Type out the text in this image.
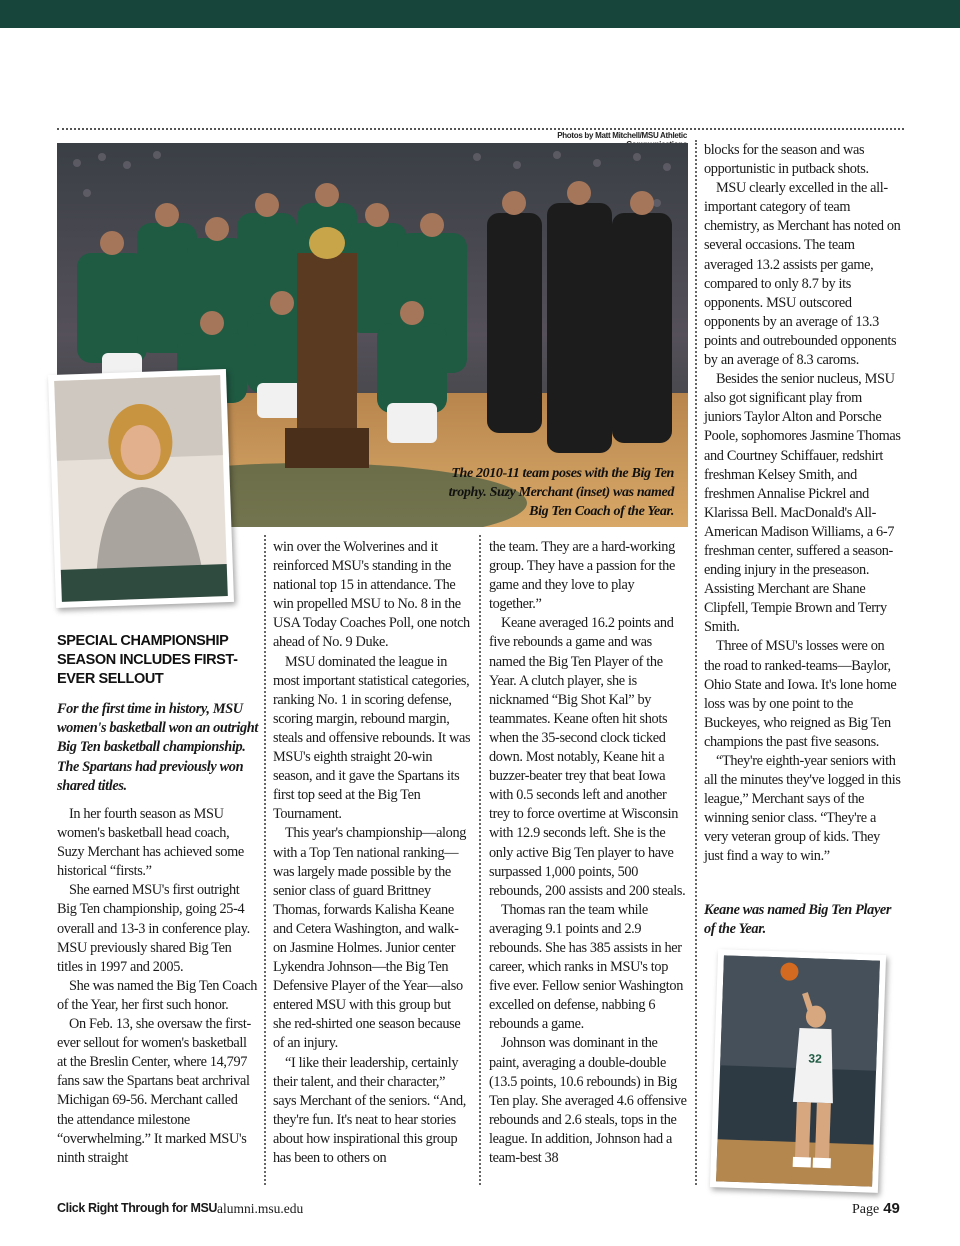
Photos by Matt Mitchell/MSU Athletic
The 2010-11 team poses with the Big Ten trophy. Suzy Merchant (inset) was named Big Ten Coach of the Year.
SPECIAL CHAMPIONSHIP SEASON INCLUDES FIRST-EVER SELLOUT
For the first time in history, MSU women's basketball won an outright Big Ten basketball championship. The Spartans had previously won shared titles.

In her fourth season as MSU women's basketball head coach, Suzy Merchant has achieved some historical “firsts.”

She earned MSU's first outright Big Ten championship, going 25-4 overall and 13-3 in conference play. MSU previously shared Big Ten titles in 1997 and 2005.

She was named the Big Ten Coach of the Year, her first such honor.

On Feb. 13, she oversaw the first-ever sellout for women's basketball at the Breslin Center, where 14,797 fans saw the Spartans beat archrival Michigan 69-56. Merchant called the attendance milestone “overwhelming.” It marked MSU's ninth straight

win over the Wolverines and it reinforced MSU's standing in the national top 15 in attendance. The win propelled MSU to No. 8 in the USA Today Coaches Poll, one notch ahead of No. 9 Duke.

MSU dominated the league in most important statistical categories, ranking No. 1 in scoring defense, scoring margin, rebound margin, steals and offensive rebounds. It was MSU's eighth straight 20-win season, and it gave the Spartans its first top seed at the Big Ten Tournament.

This year's championship—along with a Top Ten national ranking—was largely made possible by the senior class of guard Brittney Thomas, forwards Kalisha Keane and Cetera Washington, and walk-on Jasmine Holmes. Junior center Lykendra Johnson—the Big Ten Defensive Player of the Year—also entered MSU with this group but she red-shirted one season because of an injury.

“I like their leadership, certainly their talent, and their character,” says Merchant of the seniors. “And, they're fun. It's neat to hear stories about how inspirational this group has been to others on

the team. They are a hard-working group. They have a passion for the game and they love to play together.”

Keane averaged 16.2 points and five rebounds a game and was named the Big Ten Player of the Year. A clutch player, she is nicknamed “Big Shot Kal” by teammates. Keane often hit shots when the 35-second clock ticked down. Most notably, Keane hit a buzzer-beater trey that beat Iowa with 0.5 seconds left and another trey to force overtime at Wisconsin with 12.9 seconds left. She is the only active Big Ten player to have surpassed 1,000 points, 500 rebounds, 200 assists and 200 steals.

Thomas ran the team while averaging 9.1 points and 2.9 rebounds. She has 385 assists in her career, which ranks in MSU's top five ever. Fellow senior Washington excelled on defense, nabbing 6 rebounds a game.

Johnson was dominant in the paint, averaging a double-double (13.5 points, 10.6 rebounds) in Big Ten play. She averaged 4.6 offensive rebounds and 2.6 steals, tops in the league. In addition, Johnson had a team-best 38

blocks for the season and was opportunistic in putback shots.

MSU clearly excelled in the all-important category of team chemistry, as Merchant has noted on several occasions. The team averaged 13.2 assists per game, compared to only 8.7 by its opponents. MSU outscored opponents by an average of 13.3 points and outrebounded opponents by an average of 8.3 caroms.

Besides the senior nucleus, MSU also got significant play from juniors Taylor Alton and Porsche Poole, sophomores Jasmine Thomas and Courtney Schiffauer, redshirt freshman Kelsey Smith, and freshmen Annalise Pickrel and Klarissa Bell. MacDonald's All-American Madison Williams, a 6-7 freshman center, suffered a season-ending injury in the preseason. Assisting Merchant are Shane Clipfell, Tempie Brown and Terry Smith.

Three of MSU's losses were on the road to ranked-teams—Baylor, Ohio State and Iowa. It's lone home loss was by one point to the Buckeyes, who reigned as Big Ten champions the past five seasons.

“They're eighth-year seniors with all the minutes they've logged in this league,” Merchant says of the winning senior class. “They're a very veteran group of kids. They just find a way to win.”

Keane was named Big Ten Player of the Year.
32
Click Right Through for MSU alumni.msu.edu	Page 49
